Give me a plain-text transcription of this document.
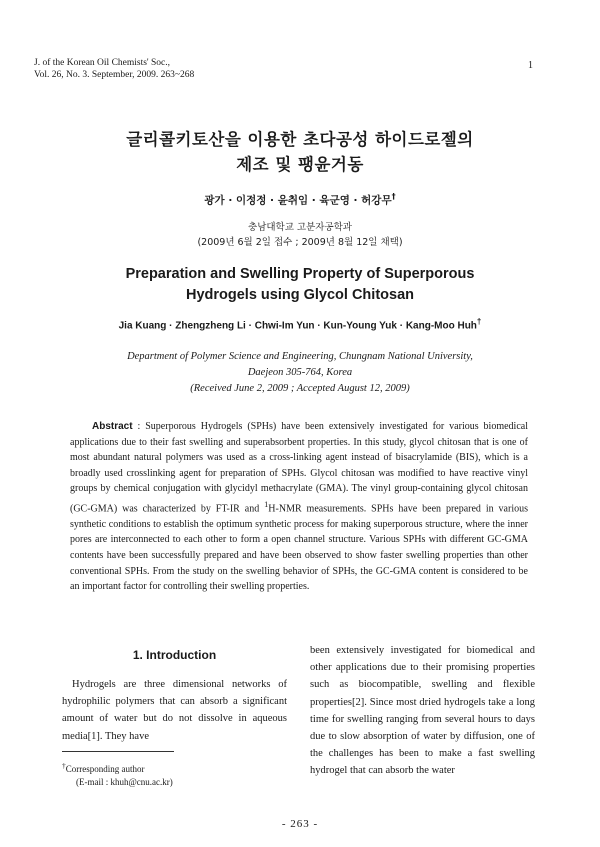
J. of the Korean Oil Chemists' Soc.,
Vol. 26, No. 3. September, 2009. 263~268
1
글리콜키토산을 이용한 초다공성 하이드로젤의
제조 및 팽윤거동
광가 · 이정정 · 윤취임 · 육군영 · 허강무†
충남대학교 고분자공학과
(2009년 6월 2일 접수 ; 2009년 8월 12일 채택)
Preparation and Swelling Property of Superporous
Hydrogels using Glycol Chitosan
Jia Kuang · Zhengzheng Li · Chwi-Im Yun · Kun-Young Yuk · Kang-Moo Huh†
Department of Polymer Science and Engineering, Chungnam National University,
Daejeon 305-764, Korea
(Received June 2, 2009 ; Accepted August 12, 2009)
Abstract : Superporous Hydrogels (SPHs) have been extensively investigated for various biomedical applications due to their fast swelling and superabsorbent properties. In this study, glycol chitosan that is one of most abundant natural polymers was used as a cross-linking agent instead of bisacrylamide (BIS), which is a broadly used crosslinking agent for preparation of SPHs. Glycol chitosan was modified to have reactive vinyl groups by chemical conjugation with glycidyl methacrylate (GMA). The vinyl group-containing glycol chitosan (GC-GMA) was characterized by FT-IR and $^1$H-NMR measurements. SPHs have been prepared in various synthetic conditions to establish the optimum synthetic process for making superporous structure, where the inner pores are interconnected to each other to form a open channel structure. Various SPHs with different GC-GMA contents have been successfully prepared and have been observed to show faster swelling properties than other conventional SPHs. From the study on the swelling behavior of SPHs, the GC-GMA content is considered to be an important factor for controlling their swelling properties.
1. Introduction
Hydrogels are three dimensional networks of hydrophilic polymers that can absorb a significant amount of water but do not dissolve in aqueous media[1]. They have
been extensively investigated for biomedical and other applications due to their promising properties such as biocompatible, swelling and flexible properties[2]. Since most dried hydrogels take a long time for swelling ranging from several hours to days due to slow absorption of water by diffusion, one of the challenges has been to make a fast swelling hydrogel that can absorb the water
†Corresponding author
(E-mail : khuh@cnu.ac.kr)
- 263 -
